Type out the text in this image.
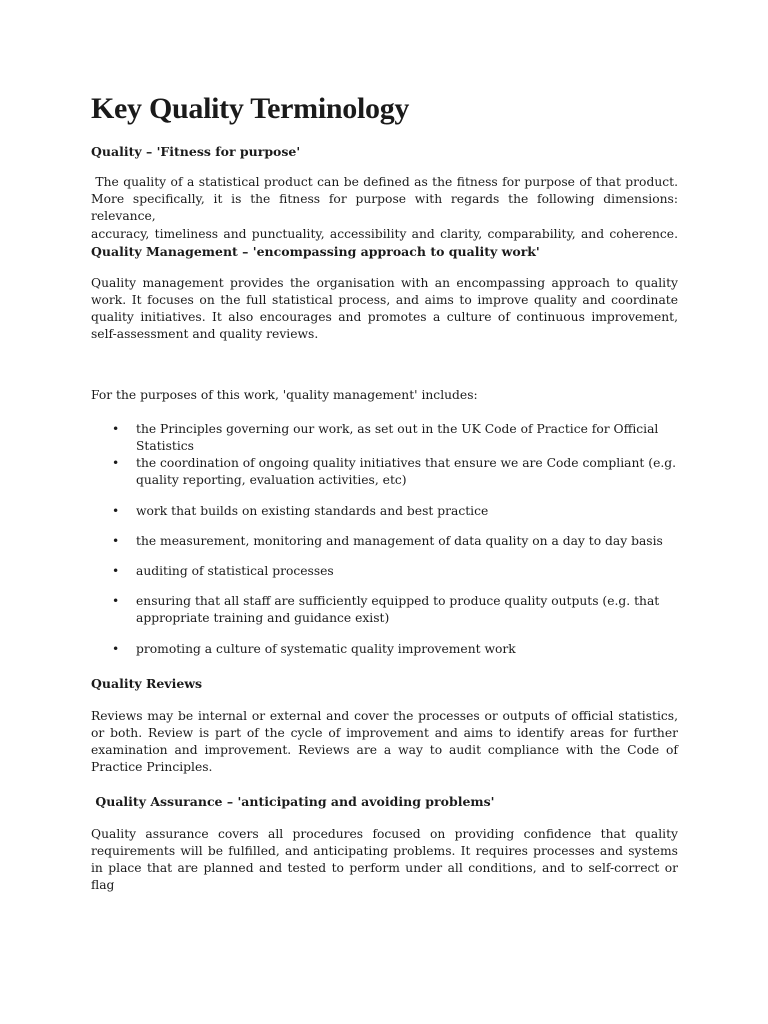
Key Quality Terminology
Quality – 'Fitness for purpose'

The quality of a statistical product can be defined as the fitness for purpose of that product.

More specifically, it is the fitness for purpose with regards the following dimensions: relevance,

accuracy, timeliness and punctuality, accessibility and clarity, comparability, and coherence.

Quality Management – 'encompassing approach to quality work'

Quality management provides the organisation with an encompassing approach to quality work. It focuses on the full statistical process, and aims to improve quality and coordinate quality initiatives. It also encourages and promotes a culture of continuous improvement, self-assessment and quality reviews.

For the purposes of this work, 'quality management' includes:

• the Principles governing our work, as set out in the UK Code of Practice for Official Statistics
• the coordination of ongoing quality initiatives that ensure we are Code compliant (e.g. quality reporting, evaluation activities, etc)
• work that builds on existing standards and best practice
• the measurement, monitoring and management of data quality on a day to day basis
• auditing of statistical processes
• ensuring that all staff are sufficiently equipped to produce quality outputs (e.g. that appropriate training and guidance exist)
• promoting a culture of systematic quality improvement work
Quality Reviews

Reviews may be internal or external and cover the processes or outputs of official statistics, or both. Review is part of the cycle of improvement and aims to identify areas for further examination and improvement. Reviews are a way to audit compliance with the Code of Practice Principles.

Quality Assurance – 'anticipating and avoiding problems'

Quality assurance covers all procedures focused on providing confidence that quality requirements will be fulfilled, and anticipating problems. It requires processes and systems in place that are planned and tested to perform under all conditions, and to self-correct or flag
